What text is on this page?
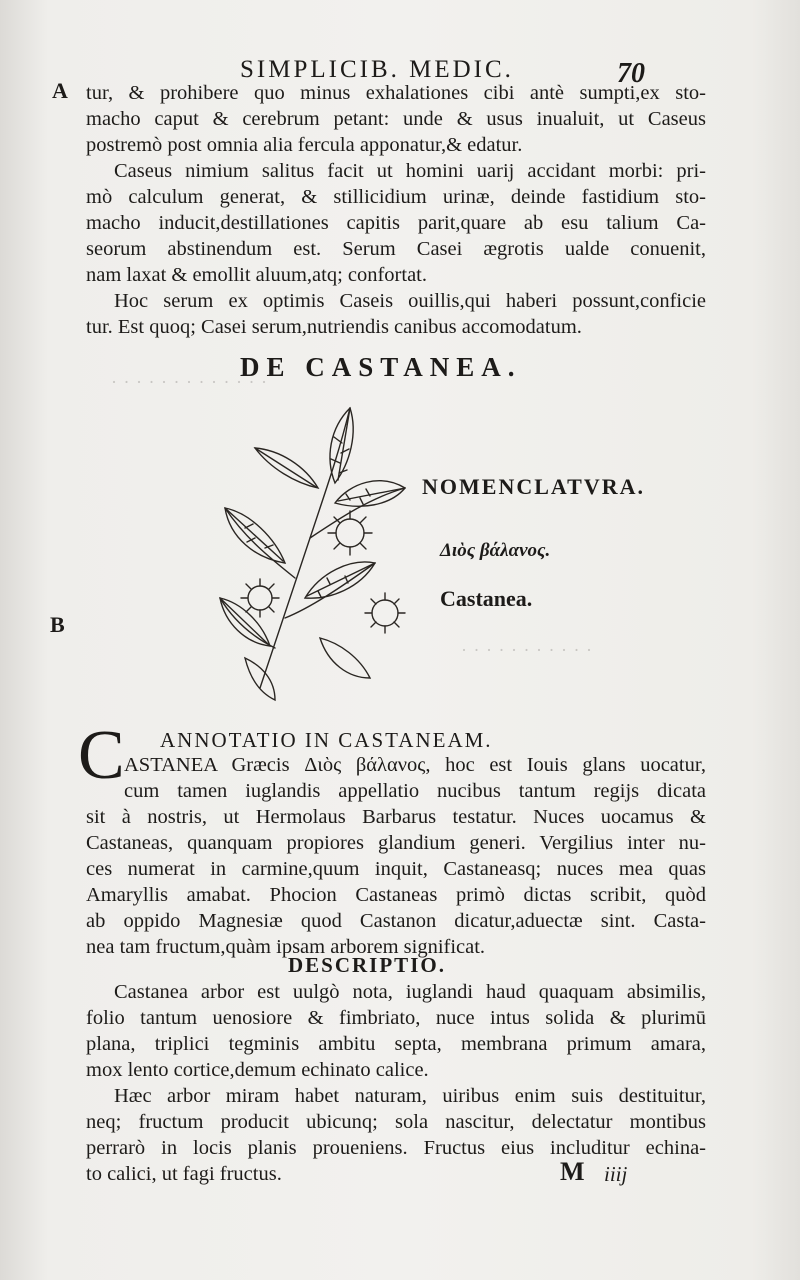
SIMPLICIB. MEDIC.	70
A
B
· · · · · · · · · · · · ·
· · · · · · · · · · ·
tur, & prohibere quo minus exhalationes cibi antè sumpti,ex sto-
macho caput & cerebrum petant: unde & usus inualuit, ut Caseus
postremò post omnia alia fercula apponatur,& edatur.
Caseus nimium salitus facit ut homini uarij accidant morbi: pri-
mò calculum generat, & stillicidium urinæ, deinde fastidium sto-
macho inducit,destillationes capitis parit,quare ab esu talium Ca-
seorum abstinendum est. Serum Casei ægrotis ualde conuenit,
nam laxat & emollit aluum,atq; confortat.
Hoc serum ex optimis Caseis ouillis,qui haberi possunt,conficie
tur. Est quoq; Casei serum,nutriendis canibus accomodatum.
DE CASTANEA.
NOMENCLATVRA.
Διὸς βάλανος.
Castanea.
ANNOTATIO IN CASTANEAM.
C ASTANEA Græcis Διὸς βάλανος, hoc est Iouis glans uocatur,
cum tamen iuglandis appellatio nucibus tantum regijs dicata
sit à nostris, ut Hermolaus Barbarus testatur. Nuces uocamus &
Castaneas, quanquam propiores glandium generi. Vergilius inter nu-
ces numerat in carmine,quum inquit, Castaneasq; nuces mea quas
Amaryllis amabat. Phocion Castaneas primò dictas scribit, quòd
ab oppido Magnesiæ quod Castanon dicatur,aduectæ sint. Casta-
nea tam fructum,quàm ipsam arborem significat.
DESCRIPTIO.
Castanea arbor est uulgò nota, iuglandi haud quaquam absimilis,
folio tantum uenosiore & fimbriato, nuce intus solida & plurimū
plana, triplici tegminis ambitu septa, membrana primum amara,
mox lento cortice,demum echinato calice.
Hæc arbor miram habet naturam, uiribus enim suis destituitur,
neq; fructum producit ubicunq; sola nascitur, delectatur montibus
perrarò in locis planis proueniens. Fructus eius includitur echina-
to calici, ut fagi fructus.	M iiij
